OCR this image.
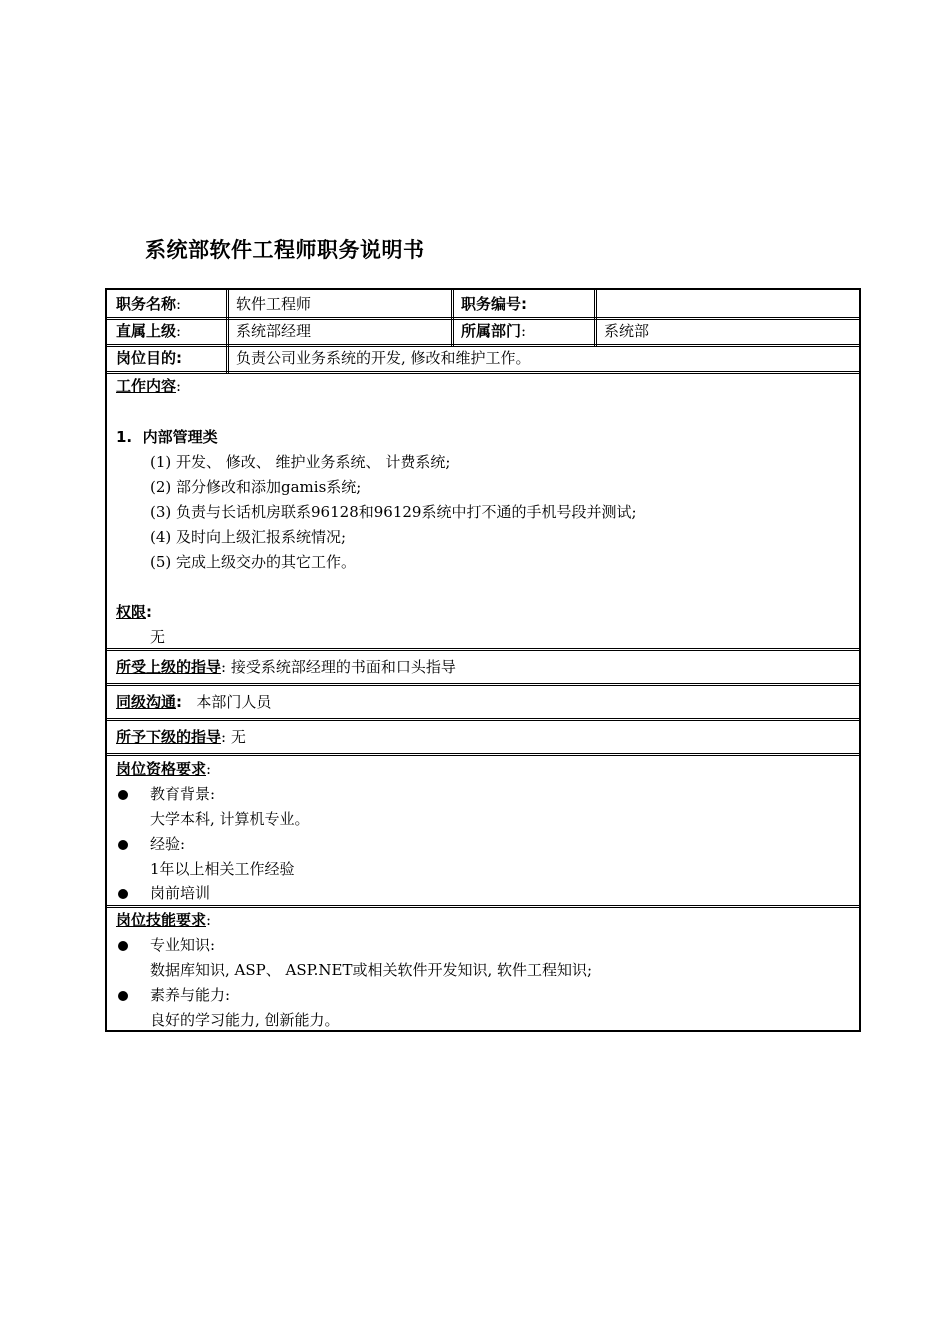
系统部软件工程师职务说明书
职务名称:	软件工程师	职务编号:
直属上级:	系统部经理	所属部门:	系统部
岗位目的:	负责公司业务系统的开发, 修改和维护工作。
工作内容:
1. 内部管理类
(1) 开发、 修改、 维护业务系统、 计费系统;
(2) 部分修改和添加gamis系统;
(3) 负责与长话机房联系96128和96129系统中打不通的手机号段并测试;
(4) 及时向上级汇报系统情况;
(5) 完成上级交办的其它工作。
权限:
无
所受上级的指导: 接受系统部经理的书面和口头指导
同级沟通: 本部门人员
所予下级的指导: 无
岗位资格要求:
教育背景:
大学本科, 计算机专业。
经验:
1年以上相关工作经验
岗前培训
岗位技能要求:
专业知识:
数据库知识, ASP、 ASP.NET或相关软件开发知识, 软件工程知识;
素养与能力:
良好的学习能力, 创新能力。
